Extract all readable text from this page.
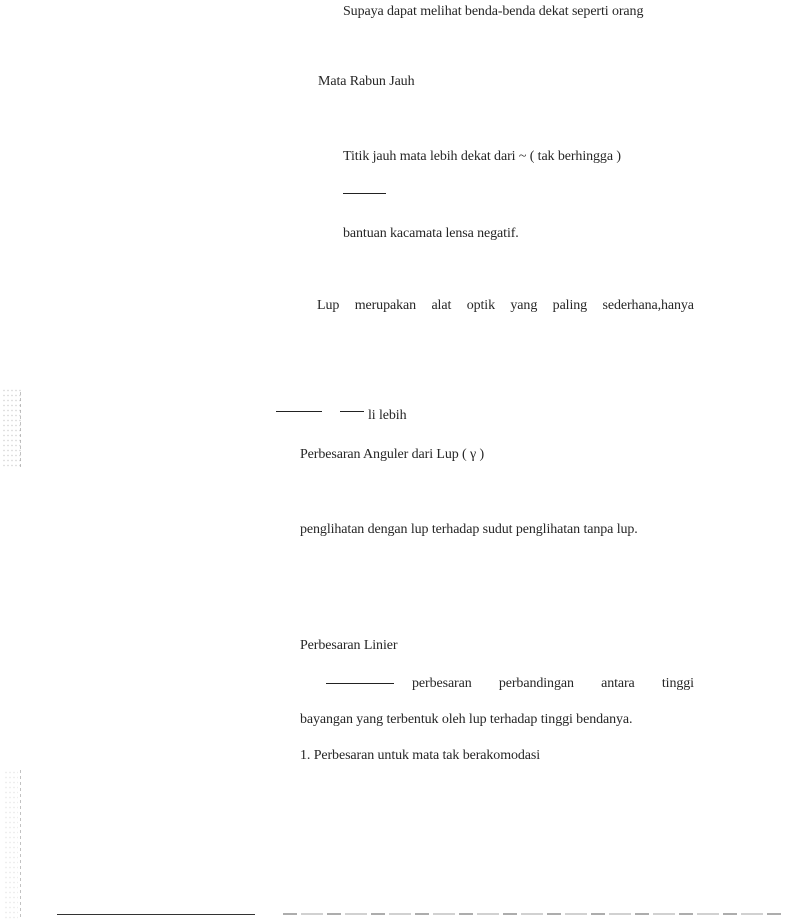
Supaya dapat melihat benda-benda dekat seperti orang
Mata Rabun Jauh
Titik jauh mata lebih dekat dari ~ ( tak berhingga )
bantuan kacamata lensa negatif.
Lup merupakan alat optik yang paling sederhana,hanya
li lebih
Perbesaran Anguler dari Lup ( γ )
penglihatan dengan lup terhadap sudut penglihatan tanpa lup.
Perbesaran Linier
perbesaran perbandingan antara tinggi
bayangan yang terbentuk oleh lup terhadap tinggi bendanya.
1. Perbesaran untuk mata tak berakomodasi
